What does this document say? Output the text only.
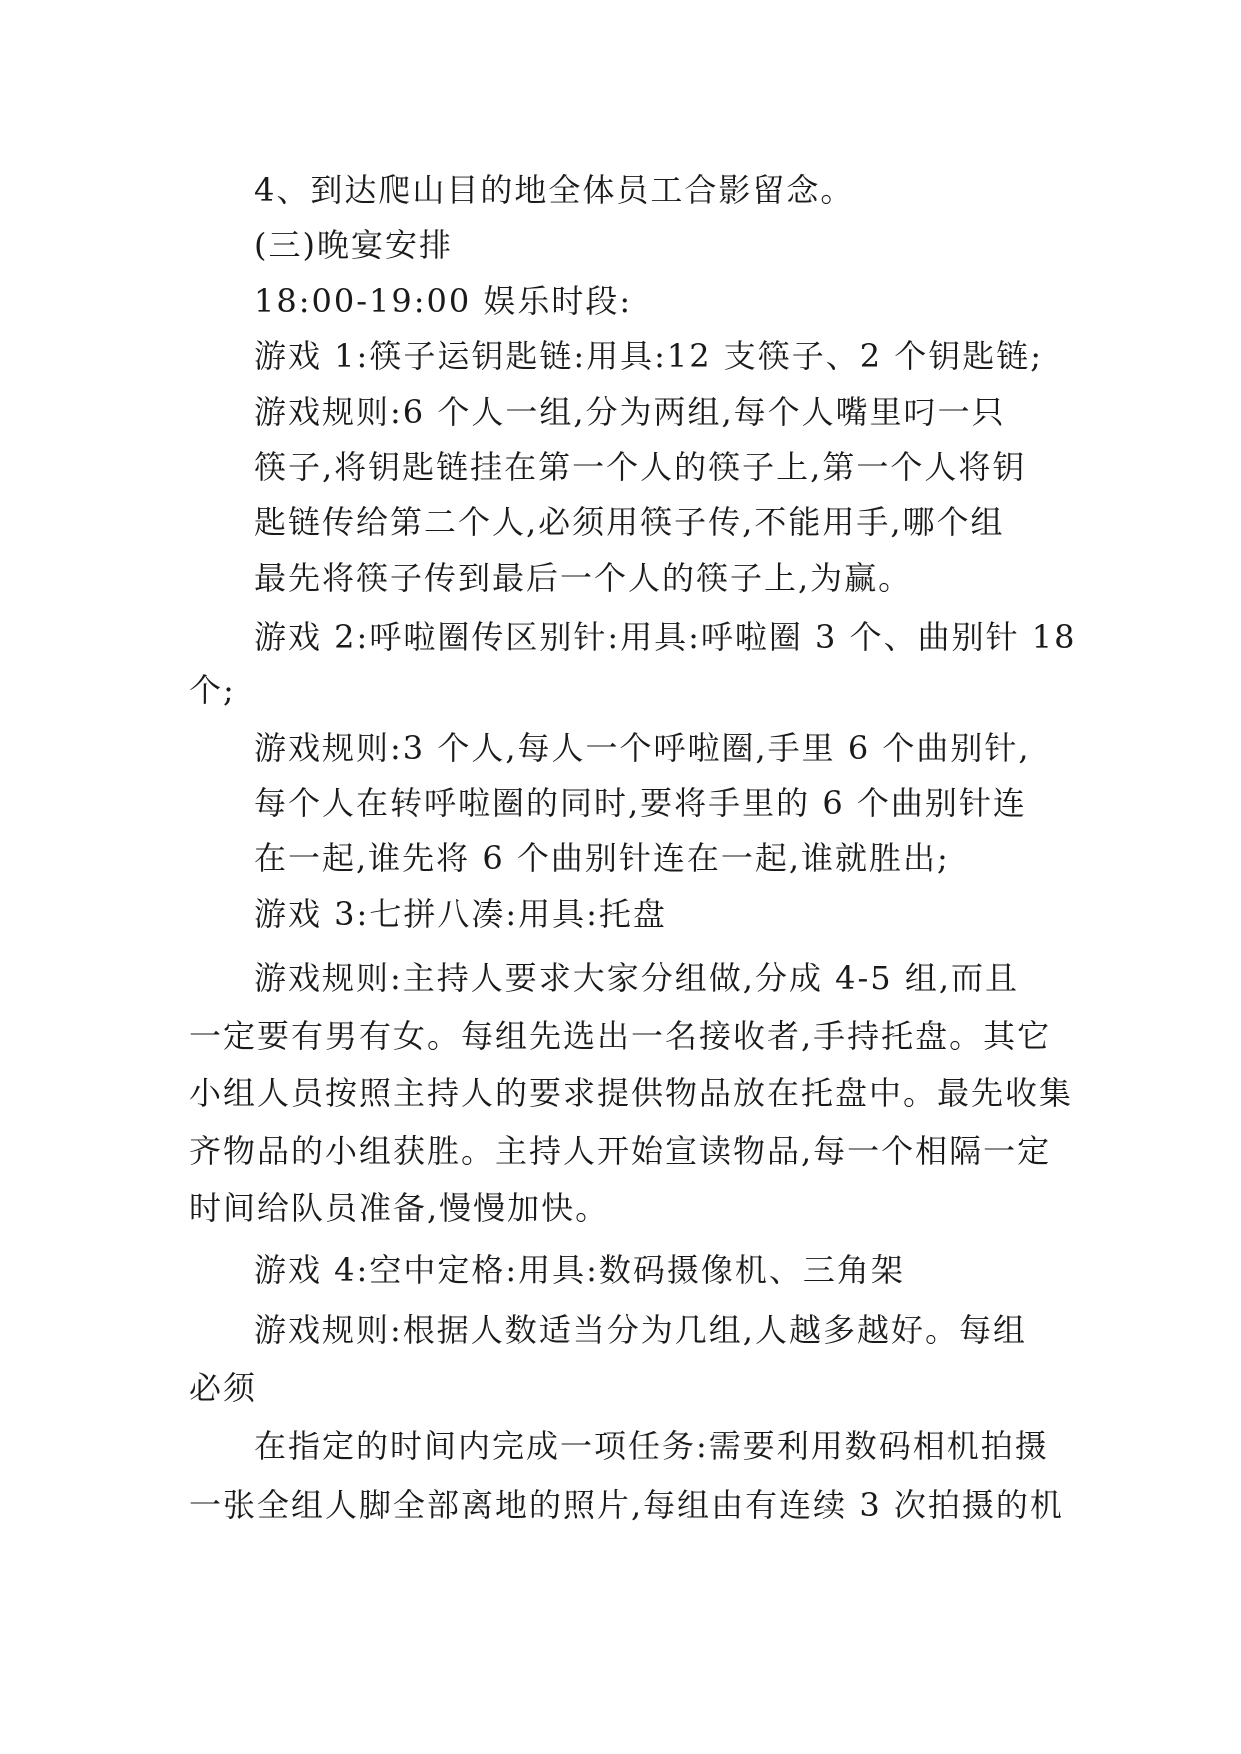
4、到达爬山目的地全体员工合影留念。
(三)晚宴安排
18:00-19:00 娱乐时段:
游戏 1:筷子运钥匙链:用具:12 支筷子、2 个钥匙链;
游戏规则:6 个人一组,分为两组,每个人嘴里叼一只
筷子,将钥匙链挂在第一个人的筷子上,第一个人将钥
匙链传给第二个人,必须用筷子传,不能用手,哪个组
最先将筷子传到最后一个人的筷子上,为赢。
游戏 2:呼啦圈传区别针:用具:呼啦圈 3 个、曲别针 18
个;
游戏规则:3 个人,每人一个呼啦圈,手里 6 个曲别针,
每个人在转呼啦圈的同时,要将手里的 6 个曲别针连
在一起,谁先将 6 个曲别针连在一起,谁就胜出;
游戏 3:七拼八凑:用具:托盘
游戏规则:主持人要求大家分组做,分成 4-5 组,而且
一定要有男有女。每组先选出一名接收者,手持托盘。其它
小组人员按照主持人的要求提供物品放在托盘中。最先收集
齐物品的小组获胜。主持人开始宣读物品,每一个相隔一定
时间给队员准备,慢慢加快。
游戏 4:空中定格:用具:数码摄像机、三角架
游戏规则:根据人数适当分为几组,人越多越好。每组
必须
在指定的时间内完成一项任务:需要利用数码相机拍摄
一张全组人脚全部离地的照片,每组由有连续 3 次拍摄的机
